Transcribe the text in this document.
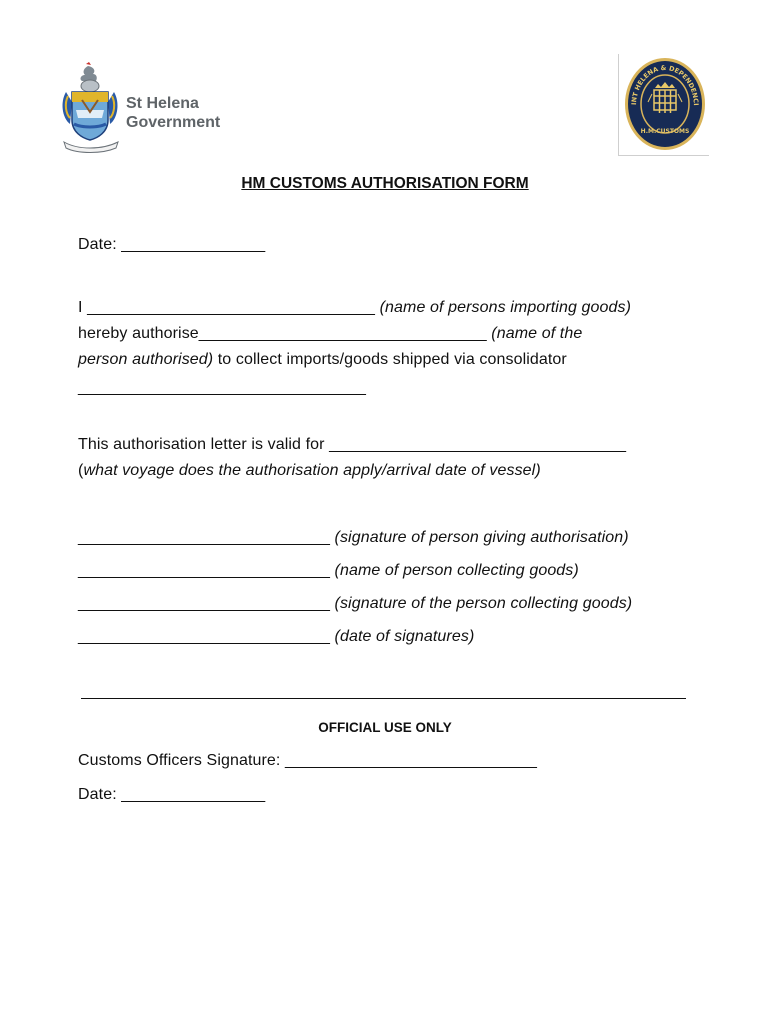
St Helena
Government
INT HELENA & DEPENDENCI
H.M.CUSTOMS
HM CUSTOMS AUTHORISATION FORM
Date: ________________
I ________________________________ (name of persons importing goods)
hereby authorise________________________________ (name of the
person authorised) to collect imports/goods shipped via consolidator
________________________________
This authorisation letter is valid for _________________________________
(what voyage does the authorisation apply/arrival date of vessel)
____________________________ (signature of person giving authorisation)
____________________________ (name of person collecting goods)
____________________________ (signature of the person collecting goods)
____________________________ (date of signatures)
OFFICIAL USE ONLY
Customs Officers Signature: ____________________________
Date: ________________
